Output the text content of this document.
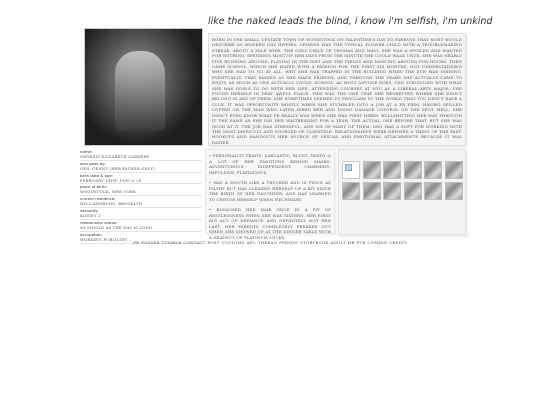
like the naked leads the blind, i know i'm selfish, i'm unkind
BORN IN THE SMALL UPSTATE TOWN OF WOODSTOCK ON VALENTINE'S DAY TO PARENTS THAT MOST WOULD DESCRIBE AS MODERN DAY HIPPIES, GENESIS WAS THE TYPICAL FLOWER CHILD WITH A TROUBLEMAKING STREAK. ABOUT A MILE WIDE. THE ONLY CHILD OF THOMAS AND MAVI, SHE WAS A SPOILED AND WANTED FOR NOTHING, SPENDING MOST OF HER DAYS FROM THE MINUTE SHE COULD WALK UNTIL SHE WAS NEARLY FIVE RUNNING AROUND, PLAYING IN THE DIRT AND THE FIELDS AND DANCING AROUND FOR HOURS. THEN CAME SCHOOL, WHICH SHE HATED WITH A PASSION FOR THE FIRST SIX MONTHS, NOT UNDERSTANDING WHY SHE HAD TO GO AT ALL, WHY SHE WAS TRAPPED IN THE BUILDING WHEN THE SUN WAS SHINING. EVENTUALLY, THAT PASSED AS SHE MADE FRIENDS, AND THROUGH THE YEARS SHE ACTUALLY CAME TO ENJOY, AS MUCH AS ONE ACTUALLY COULD, SCHOOL. AS MOST ANYONE DOES, GEN STRUGGLED WITH WHAT SHE WAS GOING TO DO WITH HER LIFE. ATTENDING COURSES AT NYU AS A LIBERAL ARTS MAJOR, SHE FOUND HERSELF IN THAT AWFUL PLACE. THIS WAS THE ONE TIME SHE REGRETTED WHERE SHE DIDN'T BELONG IN ANY OF THEM. SHE SOMETIMES SEEMED TO PROCLAIM TO THE WORLD THAT YOU DIDN'T HAVE A CLUE. IT WAS OPPORTUNITY MOSTLY WHEN SHE STUMBLED INTO A JOB AT A PR FIRM, HAVING SPILLED COFFEE ON THE MAN WHO LATER HIRED HER AND DOING DAMAGE CONTROL ON THE SPOT. HELL, SHE DIDN'T EVEN KNOW WHAT PR REALLY WAS WHEN SHE WAS FIRST HIRED. BULLSHITTING HER WAY THROUGH IT THE SAME AS SHE DID HER WAITRESSING FOR A YEAR, THE ACTUAL ONE BEFORE THAT. BUT SHE WAS GOOD AT IT. THE JOB WAS STRESSFUL, AND SIX OF MANY OF THEM, GEN HAD A SOFT FOR WORKING WITH THE MOST DIFFICULT AND SOURCED OF CLIENTELE. RELATIONSHIPS WERE DEFINED A THING OF THE PAST, HOOKUPS AND HANDOUTS HER SOURCE OF SEXUAL AND EMOTIONAL ATTACHMENTS BECAUSE IT WAS EASIER.
name:
GENESIS ELIZABETH CARRERE
also goes by:
GEN, GENNY (HER FATHER ONLY)
birth date & age:
FEBRUARY 14TH, 1990 & 26
place of birth:
WOODSTOCK, NEW YORK
current residence:
WILLIAMSBURG, BROOKLYN
sexuality:
KINSEY 2
relationship status:
AS SINGLE AS THE DAY IS LONG
occupation:
WORKING PUBLICIST ...

• PERSONALITY TRAITS: SARCASTIC, BLUNT, NEEDY & A LOT OF HER EMOTIONS BEHIND MASKS, ADVENTUROUS, INDEPENDENT, CHARMING, IMPULSIVE, FLIRTATIOUS.

• HAS A MOUTH LIKE A TRUCKER AND IS TWICE AS FILTHY BUT HAS CLEANED HERSELF UP A BIT SINCE THE BIRTH OF HER DAUGHTER, AND HAS LEARNED TO CENSOR HERSELF WHEN NECESSARY.

• BLEACHED HER HAIR ONCE IN A FIT OF RESTLESSNESS WHEN SHE WAS SIXTEEN, HER FIRST BIG ACT OF DEFIANCE AND DEFINITELY NOT HER LAST. HER PARENTS COMPLETELY FREAKED OUT WHEN SHE SHOWED UP AT THE DINNER TABLE WITH A HEADFUL OF PLATINUM LOCKS.

PB FOSSER TUMBLR CONTACT POST CUSTOMS AFC THREAD PERSON STORYBOOK ADULT HB FTB COMING CREDIT
